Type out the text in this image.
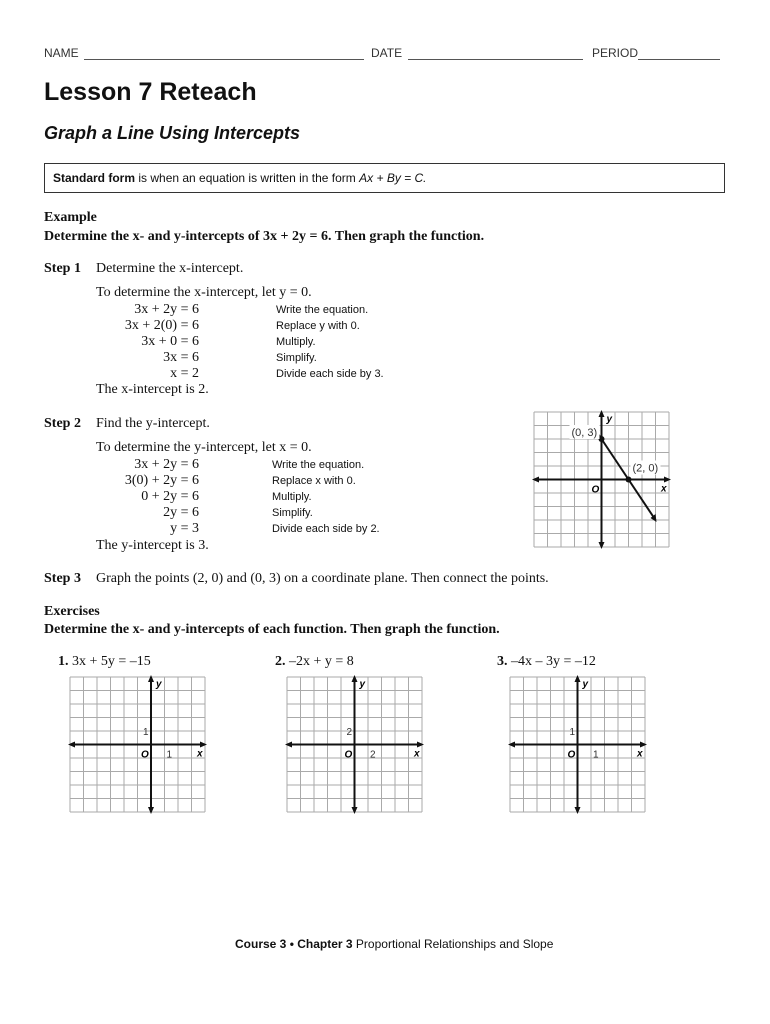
NAME	DATE	PERIOD
Lesson 7 Reteach
Graph a Line Using Intercepts
Standard form is when an equation is written in the form Ax + By = C.
Example
Determine the x- and y-intercepts of 3x + 2y = 6. Then graph the function.
Step 1 Determine the x-intercept.
To determine the x-intercept, let y = 0.
3x + 2y = 6	Write the equation.
3x + 2(0) = 6	Replace y with 0.
3x + 0 = 6	Multiply.
3x = 6	Simplify.
x = 2	Divide each side by 3.
The x-intercept is 2.
Step 2 Find the y-intercept.
To determine the y-intercept, let x = 0.
3x + 2y = 6	Write the equation.
3(0) + 2y = 6	Replace x with 0.
0 + 2y = 6	Multiply.
2y = 6	Simplify.
y = 3	Divide each side by 2.
The y-intercept is 3.
(0, 3)
(2, 0)
O	x
y
Step 3 Graph the points (2, 0) and (0, 3) on a coordinate plane. Then connect the points.
Exercises
Determine the x- and y-intercepts of each function. Then graph the function.
1. 3x + 5y = –15
O 1
1
x
y
2. –2x + y = 8
O 2
2
x
y
3. –4x – 3y = –12
O 1
1
x
y
Course 3 • Chapter 3 Proportional Relationships and Slope
